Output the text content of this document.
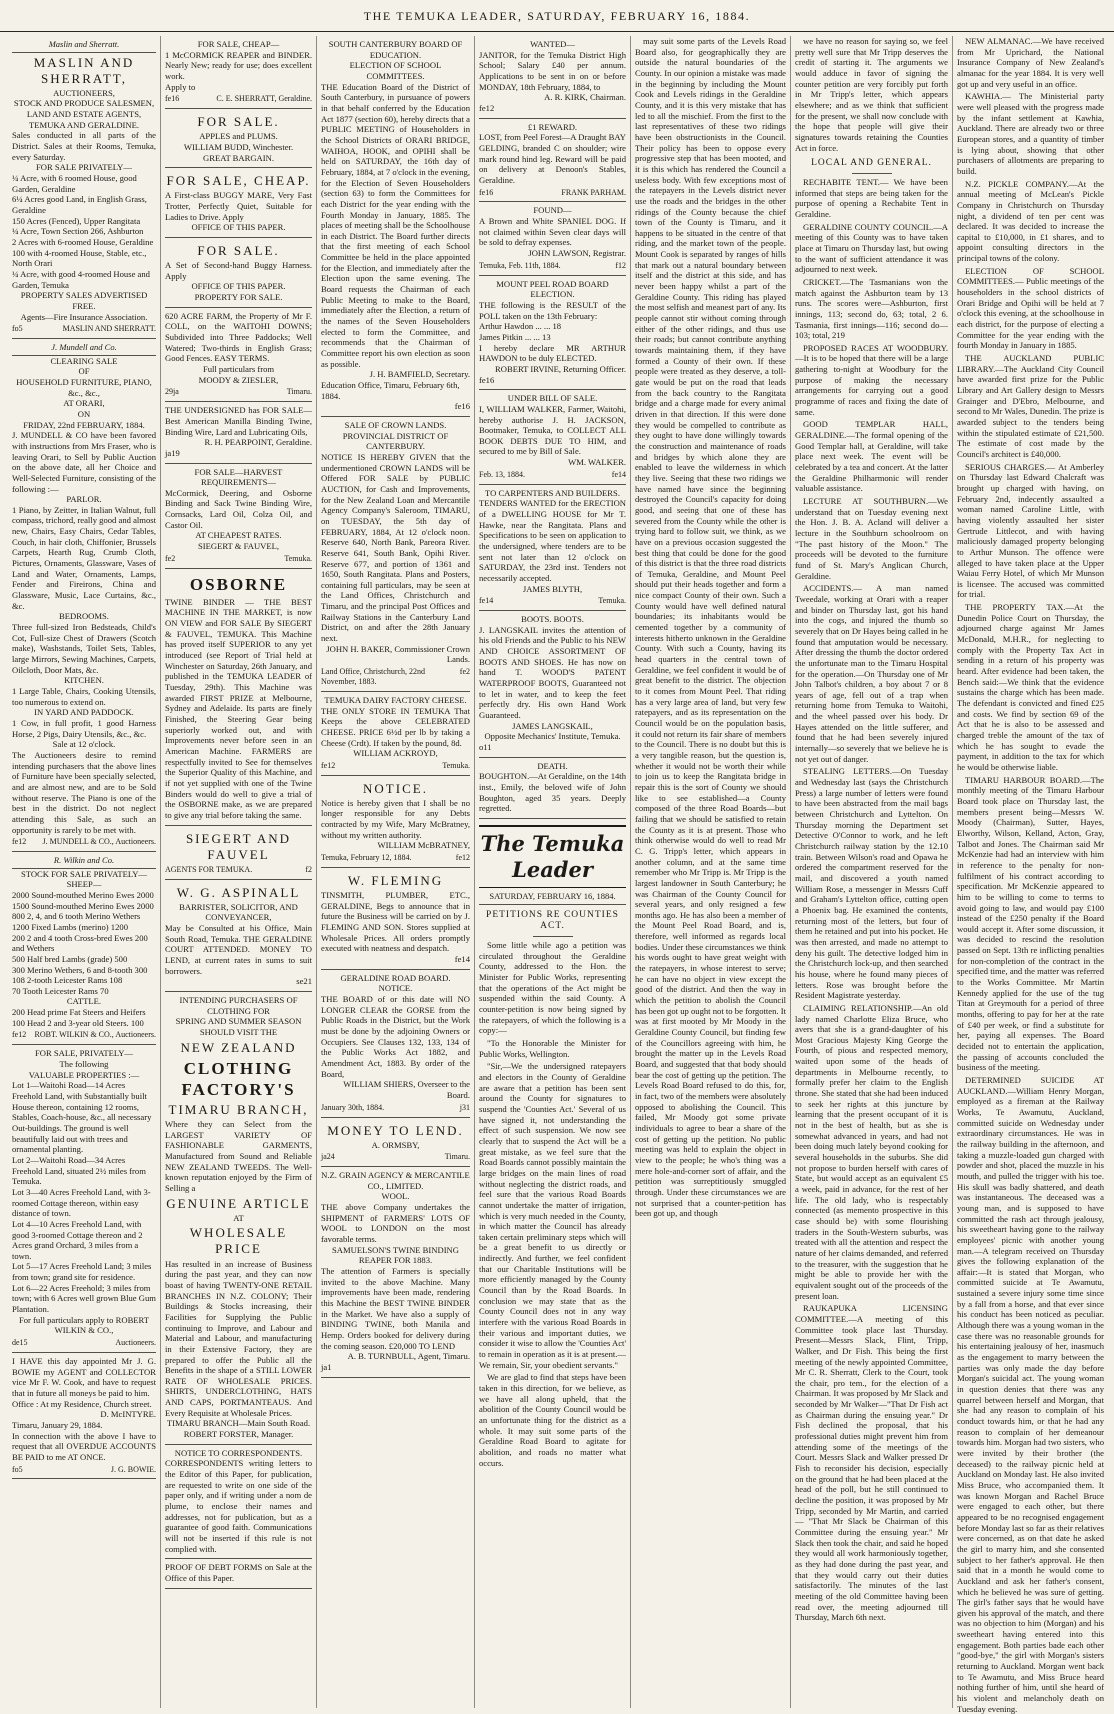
THE TEMUKA LEADER, SATURDAY, FEBRUARY 16, 1884.
Maslin and Sherratt.
MASLIN AND SHERRATT,
AUCTIONEERS,
STOCK AND PRODUCE SALESMEN, LAND AND ESTATE AGENTS,
TEMUKA AND GERALDINE.
Sales conducted in all parts of the District. Sales at their Rooms, Temuka, every Saturday.
FOR SALE PRIVATELY—
¼ Acre, with 6 roomed House, good Garden, Geraldine
6¼ Acres good Land, in English Grass, Geraldine
150 Acres (Fenced), Upper Rangitata
¼ Acre, Town Section 266, Ashburton
2 Acres with 6-roomed House, Geraldine
100 with 4-roomed House, Stable, etc., North Orari
¼ Acre, with good 4-roomed House and Garden, Temuka
PROPERTY SALES ADVERTISED FREE.
Agents—Fire Insurance Association.
fo5	MASLIN AND SHERRATT.
J. Mundell and Co.
CLEARING SALE
OF
HOUSEHOLD FURNITURE, PIANO, &c., &c.,
AT ORARI,
ON
FRIDAY, 22nd FEBRUARY, 1884.
J. MUNDELL & CO have been favored with instructions from Mrs Fraser, who is leaving Orari, to Sell by Public Auction on the above date, all her Choice and Well-Selected Furniture, consisting of the following :—
PARLOR.
1 Piano, by Zeitter, in Italian Walnut, full compass, trichord, really good and almost new, Chairs, Easy Chairs, Cedar Tables, Couch, in hair cloth, Chiffonier, Brussels Carpets, Hearth Rug, Crumb Cloth, Pictures, Ornaments, Glassware, Vases of Land and Water, Ornaments, Lamps, Fender and Fireirons, China and Glassware, Music, Lace Curtains, &c., &c.
BEDROOMS.
Three full-sized Iron Bedsteads, Child's Cot, Full-size Chest of Drawers (Scotch make), Washstands, Toilet Sets, Tables, large Mirrors, Sewing Machines, Carpets, Oilcloth, Door Mats, &c.
KITCHEN.
1 Large Table, Chairs, Cooking Utensils, too numerous to extend on.
IN YARD AND PADDOCK.
1 Cow, in full profit, 1 good Harness Horse, 2 Pigs, Dairy Utensils, &c., &c.
Sale at 12 o'clock.
The Auctioneers desire to remind intending purchasers that the above lines of Furniture have been specially selected, and are almost new, and are to be Sold without reserve. The Piano is one of the best in the district. Do not neglect attending this Sale, as such an opportunity is rarely to be met with.
fe12 J. MUNDELL & CO., Auctioneers.
R. Wilkin and Co.
STOCK FOR SALE PRIVATELY—
SHEEP—
2000 Sound-mouthed Merino Ewes 2000
1500 Sound-mouthed Merino Ewes 2000
800 2, 4, and 6 tooth Merino Wethers
1200 Fixed Lambs (merino) 1200
200 2 and 4 tooth Cross-bred Ewes 200 and Wethers
500 Half bred Lambs (grade) 500
300 Merino Wethers, 6 and 8-tooth 300
108 2-tooth Leicester Rams 108
70 Tooth Leicester Rams 70
CATTLE.
200 Head prime Fat Steers and Heifers
100 Head 2 and 3-year old Steers. 100
fe12 ROBT. WILKIN & CO., Auctioneers.
FOR SALE, PRIVATELY—
The following
VALUABLE PROPERTIES :—
Lot 1—Waitohi Road—14 Acres Freehold Land, with Substantially built House thereon, containing 12 rooms, Stables, Coach-house, &c., all necessary Out-buildings. The ground is well beautifully laid out with trees and ornamental planting.
Lot 2—Waitohi Road—34 Acres Freehold Land, situated 2½ miles from Temuka.
Lot 3—40 Acres Freehold Land, with 3-roomed Cottage thereon, within easy distance of town.
Lot 4—10 Acres Freehold Land, with good 3-roomed Cottage thereon and 2 Acres grand Orchard, 3 miles from a town.
Lot 5—17 Acres Freehold Land; 3 miles from town; grand site for residence.
Lot 6—22 Acres Freehold; 3 miles from town; with 6 Acres well grown Blue Gum Plantation.
For full particulars apply to ROBERT WILKIN & CO.,
de15	Auctioneers.
I HAVE this day appointed Mr J. G. BOWIE my AGENT and COLLECTOR vice Mr F. W. Cook, and have to request that in future all moneys be paid to him.
Office : At my Residence, Church street.
D. McINTYRE.
Timaru, January 29, 1884.
In connection with the above I have to request that all OVERDUE ACCOUNTS BE PAID to me AT ONCE.
fo5	J. G. BOWIE.
FOR SALE, CHEAP—
1 McCORMICK REAPER and BINDER. Nearly New; ready for use; does excellent work.
Apply to
fe16	C. E. SHERRATT, Geraldine.
FOR SALE.
APPLES and PLUMS.
WILLIAM BUDD, Winchester.
GREAT BARGAIN.
FOR SALE, CHEAP.
A First-class BUGGY MARE, Very Fast Trotter, Perfectly Quiet, Suitable for Ladies to Drive. Apply
OFFICE OF THIS PAPER.
FOR SALE.
A Set of Second-hand Buggy Harness. Apply
OFFICE OF THIS PAPER.
PROPERTY FOR SALE.
620 ACRE FARM, the Property of Mr F. COLL, on the WAITOHI DOWNS; Subdivided into Three Paddocks; Well Watered; Two-thirds in English Grass; Good Fences. EASY TERMS.
Full particulars from
MOODY & ZIESLER,
29ja	Timaru.
THE UNDERSIGNED has FOR SALE— Best American Manilla Binding Twine, Binding Wire, Lard and Lubricating Oils,
R. H. PEARPOINT, Geraldine.
ja19
FOR SALE—HARVEST REQUIREMENTS—
McCormick, Deering, and Osborne Binding and Sack Twine Binding Wire, Cornsacks, Lard Oil, Colza Oil, and Castor Oil.
AT CHEAPEST RATES.
SIEGERT & FAUVEL,
fe2	Temuka.
OSBORNE
TWINE BINDER — THE BEST MACHINE IN THE MARKET, is now ON VIEW and FOR SALE By SIEGERT & FAUVEL, TEMUKA. This Machine has proved itself SUPERIOR to any yet introduced (see Report of Trial held at Winchester on Saturday, 26th January, and published in the TEMUKA LEADER of Tuesday, 29th). This Machine was awarded FIRST PRIZE at Melbourne, Sydney and Adelaide. Its parts are finely Finished, the Steering Gear being superiorly worked out, and with Improvements never before seen in an American Machine. FARMERS are respectfully invited to See for themselves the Superior Quality of this Machine, and if not yet supplied with one of the Twine Binders would do well to give a trial of the OSBORNE make, as we are prepared to give any trial before taking the same.
SIEGERT AND FAUVEL
AGENTS FOR TEMUKA.	f2
W. G. ASPINALL
BARRISTER, SOLICITOR, AND CONVEYANCER,
May be Consulted at his Office, Main South Road, Temuka. THE GERALDINE COURT ATTENDED. MONEY TO LEND, at current rates in sums to suit borrowers.
se21
INTENDING PURCHASERS OF CLOTHING FOR
SPRING AND SUMMER SEASON SHOULD VISIT THE
NEW ZEALAND
CLOTHING FACTORY'S
TIMARU BRANCH,
Where they can Select from the LARGEST VARIETY OF FASHIONABLE GARMENTS, Manufactured from Sound and Reliable NEW ZEALAND TWEEDS. The Well-known reputation enjoyed by the Firm of Selling a
GENUINE ARTICLE
AT
WHOLESALE PRICE
Has resulted in an increase of Business during the past year, and they can now boast of having TWENTY-ONE RETAIL BRANCHES IN N.Z. COLONY; Their Buildings & Stocks increasing, their Facilities for Supplying the Public continuing to Improve, and Labour and Material and Labour, and manufacturing in their Extensive Factory, they are prepared to offer the Public all the Benefits in the shape of a STILL LOWER RATE OF WHOLESALE PRICES. SHIRTS, UNDERCLOTHING, HATS AND CAPS, PORTMANTEAUS. And Every Requisite at Wholesale Prices.
TIMARU BRANCH—Main South Road. ROBERT FORSTER, Manager.
NOTICE TO CORRESPONDENTS.
CORRESPONDENTS writing letters to the Editor of this Paper, for publication, are requested to write on one side of the paper only, and if writing under a nom de plume, to enclose their names and addresses, not for publication, but as a guarantee of good faith. Communications will not be inserted if this rule is not complied with.
PROOF OF DEBT FORMS on Sale at the Office of this Paper.
SOUTH CANTERBURY BOARD OF EDUCATION.
ELECTION OF SCHOOL COMMITTEES.
THE Education Board of the District of South Canterbury, in pursuance of powers in that behalf conferred by the Education Act 1877 (section 60), hereby directs that a PUBLIC MEETING of Householders in the School Districts of ORARI BRIDGE, WAIHOA, HOOK, and OPIHI shall be held on SATURDAY, the 16th day of February, 1884, at 7 o'clock in the evening, for the Election of Seven Householders (section 63) to form the Committees for each District for the year ending with the Fourth Monday in January, 1885. The places of meeting shall be the Schoolhouse in each District. The Board further directs that the first meeting of each School Committee be held in the place appointed for the Election, and immediately after the Election upon the same evening. The Board requests the Chairman of each Public Meeting to make to the Board, immediately after the Election, a return of the names of the Seven Householders elected to form the Committee, and recommends that the Chairman of Committee report his own election as soon as possible.
J. H. BAMFIELD, Secretary.
Education Office, Timaru, February 6th, 1884.
fe16
SALE OF CROWN LANDS. PROVINCIAL DISTRICT OF CANTERBURY.
NOTICE IS HEREBY GIVEN that the undermentioned CROWN LANDS will be Offered FOR SALE by PUBLIC AUCTION, for Cash and Improvements, for the New Zealand Loan and Mercantile Agency Company's Saleroom, TIMARU, on TUESDAY, the 5th day of FEBRUARY, 1884, At 12 o'clock noon. Reserve 640, North Bank, Pareora River. Reserve 641, South Bank, Opihi River. Reserve 677, and portion of 1361 and 1650, South Rangitata. Plans and Posters, containing full particulars, may be seen at the Land Offices, Christchurch and Timaru, and the principal Post Offices and Railway Stations in the Canterbury Land District, on and after the 28th January next.
JOHN H. BAKER, Commissioner Crown Lands.
Land Office, Christchurch, 22nd November, 1883.
fe2
TEMUKA DAIRY FACTORY CHEESE.
THE ONLY STORE IN TEMUKA That Keeps the above CELEBRATED CHEESE. PRICE 6½d per lb by taking a Cheese (Crdt). If taken by the pound, 8d.
WILLIAM ACKROYD,
fe12	Temuka.
NOTICE.
Notice is hereby given that I shall be no longer responsible for any Debts contracted by my Wife, Mary McBratney, without my written authority.
WILLIAM McBRATNEY,
Temuka, February 12, 1884.	fe12
W. FLEMING
TINSMITH, PLUMBER, ETC., GERALDINE, Begs to announce that in future the Business will be carried on by J. FLEMING AND SON. Stores supplied at Wholesale Prices. All orders promptly executed with neatness and despatch.
fe14
GERALDINE ROAD BOARD.
NOTICE.
THE BOARD of or this date will NO LONGER CLEAR the GORSE from the Public Roads in the District, but the Work must be done by the adjoining Owners or Occupiers. See Clauses 132, 133, 134 of the Public Works Act 1882, and Amendment Act, 1883. By order of the Board,
WILLIAM SHIERS, Overseer to the Board.
January 30th, 1884.	j31
MONEY TO LEND.
A. ORMSBY,
ja24	Timaru.
N.Z. GRAIN AGENCY & MERCANTILE CO., LIMITED.
WOOL.
THE above Company undertakes the SHIPMENT of FARMERS' LOTS OF WOOL to LONDON on the most favorable terms.
SAMUELSON'S TWINE BINDING REAPER FOR 1883.
The attention of Farmers is specially invited to the above Machine. Many improvements have been made, rendering this Machine the BEST TWINE BINDER in the Market. We have also a supply of BINDING TWINE, both Manila and Hemp. Orders booked for delivery during the coming season. £20,000 TO LEND
A. B. TURNBULL, Agent, Timaru.
ja1
WANTED—
JANITOR, for the Temuka District High School; Salary £40 per annum. Applications to be sent in on or before MONDAY, 18th February, 1884, to
A. R. KIRK, Chairman.
fe12
£1 REWARD.
LOST, from Peel Forest—A Draught BAY GELDING, branded C on shoulder; wire mark round hind leg. Reward will be paid on delivery at Denoon's Stables, Geraldine.
fe16	FRANK PARHAM.
FOUND—
A Brown and White SPANIEL DOG. If not claimed within Seven clear days will be sold to defray expenses.
JOHN LAWSON, Registrar.
Temuka, Feb. 11th, 1884.	f12
MOUNT PEEL ROAD BOARD ELECTION.
THE following is the RESULT of the POLL taken on the 13th February:
Arthur Hawdon ... ... 18
James Pitkin ... ... 13
I hereby declare MR ARTHUR HAWDON to be duly ELECTED.
ROBERT IRVINE, Returning Officer.
fe16
UNDER BILL OF SALE.
I, WILLIAM WALKER, Farmer, Waitohi, hereby authorise J. H. JACKSON, Bootmaker, Temuka, to COLLECT ALL BOOK DEBTS DUE TO HIM, and secured to me by Bill of Sale.
WM. WALKER.
Feb. 13, 1884.	fe14
TO CARPENTERS AND BUILDERS.
TENDERS WANTED for the ERECTION of a DWELLING HOUSE for Mr T. Hawke, near the Rangitata. Plans and Specifications to be seen on application to the undersigned, where tenders are to be sent not later than 12 o'clock on SATURDAY, the 23rd inst. Tenders not necessarily accepted.
JAMES BLYTH,
fe14	Temuka.
BOOTS. BOOTS.
J. LANGSKAIL invites the attention of his old Friends and the Public to his NEW AND CHOICE ASSORTMENT OF BOOTS AND SHOES. He has now on hand T. WOOD'S PATENT WATERPROOF BOOTS, Guaranteed not to let in water, and to keep the feet perfectly dry. His own Hand Work Guaranteed.
JAMES LANGSKAIL,
Opposite Mechanics' Institute, Temuka.
o11
DEATH.
BOUGHTON.—At Geraldine, on the 14th inst., Emily, the beloved wife of John Boughton, aged 35 years. Deeply regretted.
The Temuka Leader
SATURDAY, FEBRUARY 16, 1884.
PETITIONS RE COUNTIES ACT.

Some little while ago a petition was circulated throughout the Geraldine County, addressed to the Hon. the Minister for Public Works, representing that the operations of the Act might be suspended within the said County. A counter-petition is now being signed by the ratepayers, of which the following is a copy:—

"To the Honorable the Minister for Public Works, Wellington.

"Sir,—We the undersigned ratepayers and electors in the County of Geraldine are aware that a petition has been sent around the County for signatures to suspend the 'Counties Act.' Several of us have signed it, not understanding the effect of such suspension. We now see clearly that to suspend the Act will be a great mistake, as we feel sure that the Road Boards cannot possibly maintain the large bridges on the main lines of road without neglecting the district roads, and feel sure that the various Road Boards cannot undertake the matter of irrigation, which is very much needed in the County, in which matter the Council has already taken certain preliminary steps which will be a great benefit to us directly or indirectly. And further, we feel confident that our Charitable Institutions will be more efficiently managed by the County Council than by the Road Boards. In conclusion we may state that as the County Council does not in any way interfere with the various Road Boards in their various and important duties, we consider it wise to allow the 'Counties Act' to remain in operation as it is at present.—We remain, Sir, your obedient servants."

We are glad to find that steps have been taken in this direction, for we believe, as we have all along upheld, that the abolition of the County Council would be an unfortunate thing for the district as a whole. It may suit some parts of the Geraldine Road Board to agitate for abolition, and roads no matter what occurs.

may suit some parts of the Levels Road Board also, for geographically they are outside the natural boundaries of the County. In our opinion a mistake was made in the beginning by including the Mount Cook and Levels ridings in the Geraldine County, and it is this very mistake that has led to all the mischief. From the first to the last representatives of these two ridings have been obstructionists in the Council. Their policy has been to oppose every progressive step that has been mooted, and it is this which has rendered the Council a useless body. With few exceptions most of the ratepayers in the Levels district never use the roads and the bridges in the other ridings of the County because the chief town of the County is Timaru, and it happens to be situated in the centre of that riding, and the market town of the people. Mount Cook is separated by ranges of hills that mark out a natural boundary between itself and the district at this side, and has never been happy whilst a part of the Geraldine County. This riding has played the most selfish and meanest part of any. Its people cannot stir without coming through either of the other ridings, and thus use their roads; but cannot contribute anything towards maintaining them, if they have formed a County of their own. If these people were treated as they deserve, a toll-gate would be put on the road that leads from the back country to the Rangitata bridge and a charge made for every animal driven in that direction. If this were done they would be compelled to contribute as they ought to have done willingly towards the construction and maintenance of roads and bridges by which alone they are enabled to leave the wilderness in which they live. Seeing that these two ridings we have named have since the beginning destroyed the Council's capacity for doing good, and seeing that one of these has severed from the County while the other is trying hard to follow suit, we think, as we have on a previous occasion suggested the best thing that could be done for the good of this district is that the three road districts of Temuka, Geraldine, and Mount Peel should put their heads together and form a nice compact County of their own. Such a County would have well defined natural boundaries; its inhabitants would be cemented together by a community of interests hitherto unknown in the Geraldine County. With such a County, having its head quarters in the central town of Geraldine, we feel confident it would be of great benefit to the district. The objection to it comes from Mount Peel. That riding has a very large area of land, but very few ratepayers, and as its representation on the Council would be on the population basis, it could not return its fair share of members to the Council. There is no doubt but this is a very tangible reason, but the question is, whether it would not be worth their while to join us to keep the Rangitata bridge in repair this is the sort of County we should like to see established—a County composed of the three Road Boards—but failing that we should be satisfied to retain the County as it is at present. Those who think otherwise would do well to read Mr C. G. Tripp's letter, which appears in another column, and at the same time remember who Mr Tripp is. Mr Tripp is the largest landowner in South Canterbury; he was Chairman of the County Council for several years, and only resigned a few months ago. He has also been a member of the Mount Peel Road Board, and is, therefore, well informed as regards local bodies. Under these circumstances we think his words ought to have great weight with the ratepayers, in whose interest to serve; he can have no object in view except the good of the district. And then the way in which the petition to abolish the Council has been got up ought not to be forgotten. It was at first mooted by Mr Moody in the Geraldine County Council, but finding few of the Councillors agreeing with him, he brought the matter up in the Levels Road Board, and suggested that that body should bear the cost of getting up the petition. The Levels Road Board refused to do this, for, in fact, two of the members were absolutely opposed to abolishing the Council. This failed, Mr Moody got some private individuals to agree to bear a share of the cost of getting up the petition. No public meeting was held to explain the object in view to the people; he who's thing was a mere hole-and-corner sort of affair, and the petition was surreptitiously smuggled through. Under these circumstances we are not surprised that a counter-petition has been got up, and though

we have no reason for saying so, we feel pretty well sure that Mr Tripp deserves the credit of starting it. The arguments we would adduce in favor of signing the counter petition are very forcibly put forth in Mr Tripp's letter, which appears elsewhere; and as we think that sufficient for the present, we shall now conclude with the hope that people will give their signatures towards retaining the Counties Act in force.

LOCAL AND GENERAL.

RECHABITE TENT.— We have been informed that steps are being taken for the purpose of opening a Rechabite Tent in Geraldine.

GERALDINE COUNTY COUNCIL.—A meeting of this County was to have taken place at Timaru on Thursday last, but owing to the want of sufficient attendance it was adjourned to next week.

CRICKET.—The Tasmanians won the match against the Ashburton team by 13 runs. The scores were—Ashburton, first innings, 113; second do, 63; total, 2 6. Tasmania, first innings—116; second do—103; total, 219

PROPOSED RACES AT WOODBURY.—It is to be hoped that there will be a large gathering to-night at Woodbury for the purpose of making the necessary arrangements for carrying out a good programme of races and fixing the date of same.

GOOD TEMPLAR HALL, GERALDINE.—The formal opening of the Good Templar hall, at Geraldine, will take place next week. The event will be celebrated by a tea and concert. At the latter the Geraldine Philharmonic will render valuable assistance.

LECTURE AT SOUTHBURN.—We understand that on Tuesday evening next the Hon. J. B. A. Acland will deliver a lecture in the Southburn schoolroom on "The past history of the Moon." The proceeds will be devoted to the furniture fund of St. Mary's Anglican Church, Geraldine.

ACCIDENTS.— A man named Tweedale, working at Orari with a reaper and binder on Thursday last, got his hand into the cogs, and injured the thumb so severely that on Dr Hayes being called in he found that amputation would be necessary. After dressing the thumb the doctor ordered the unfortunate man to the Timaru Hospital for the operation.—On Thursday one of Mr John Talbot's children, a boy about 7 or 8 years of age, fell out of a trap when returning home from Temuka to Waitohi, and the wheel passed over his body. Dr Hayes attended on the little sufferer, and found that he had been severely injured internally—so severely that we believe he is not yet out of danger.

STEALING LETTERS.—On Tuesday and Wednesday last (says the Christchurch Press) a large number of letters were found to have been abstracted from the mail bags between Christchurch and Lyttelton. On Thursday morning the Department set Detective O'Connor to work, and he left Christchurch railway station by the 12.10 train. Between Wilson's road and Opawa he ordered the compartment reserved for the mail, and discovered a youth named William Rose, a messenger in Messrs Cuff and Graham's Lyttelton office, cutting open a Phoenix bag. He examined the contents, returning most of the letters, but four of them he retained and put into his pocket. He was then arrested, and made no attempt to deny his guilt. The detective lodged him in the Christchurch lock-up, and then searched his house, where he found many pieces of letters. Rose was brought before the Resident Magistrate yesterday.

CLAIMING RELATIONSHIP.—An old lady named Charlotte Eliza Bruce, who avers that she is a grand-daughter of his Most Gracious Majesty King George the Fourth, of pious and respected memory, waited upon some of the heads of departments in Melbourne recently, to formally prefer her claim to the English throne. She stated that she had been induced to seek her rights at this juncture by learning that the present occupant of it is not in the best of health, but as she is somewhat advanced in years, and had not been doing much lately beyond cooking for several households in the suburbs. She did not propose to burden herself with cares of State, but would accept as an equivalent £5 a week, paid in advance, for the rest of her life. The old lady, who is respectably connected (as memento prospective in this case should be) with some flourishing traders in the South-Western suburbs, was treated with all the attention and respect the nature of her claims demanded, and referred to the treasurer, with the suggestion that he might be able to provide her with the equivalent sought out of the proceeds of the present loan.

RAUKAPUKA LICENSING COMMITTEE.—A meeting of this Committee took place last Thursday. Present—Messrs Slack, Flint, Tripp, Walker, and Dr Fish. This being the first meeting of the newly appointed Committee, Mr C. R. Sherratt, Clerk to the Court, took the chair, pro tem., for the election of a Chairman. It was proposed by Mr Slack and seconded by Mr Walker—"That Dr Fish act as Chairman during the ensuing year." Dr Fish declined the proposal, that his professional duties might prevent him from attending some of the meetings of the Court. Messrs Slack and Walker pressed Dr Fish to reconsider his decision, especially on the ground that he had been placed at the head of the poll, but he still continued to decline the position, it was proposed by Mr Tripp, seconded by Mr Martin, and carried — "That Mr Slack be Chairman of this Committee during the ensuing year." Mr Slack then took the chair, and said he hoped they would all work harmoniously together, as they had done during the past year, and that they would carry out their duties satisfactorily. The minutes of the last meeting of the old Committee having been read over, the meeting adjourned till Thursday, March 6th next.

NEW ALMANAC.—We have received from Mr Uprichard, the National Insurance Company of New Zealand's almanac for the year 1884. It is very well got up and very useful in an office.

KAWHIA.— The Ministerial party were well pleased with the progress made by the infant settlement at Kawhia, Auckland. There are already two or three European stores, and a quantity of timber is lying about, showing that other purchasers of allotments are preparing to build.

N.Z. PICKLE COMPANY.—At the annual meeting of McLean's Pickle Company in Christchurch on Thursday night, a dividend of ten per cent was declared. It was decided to increase the capital to £10,000, in £1 shares, and to appoint consulting directors in the principal towns of the colony.

ELECTION OF SCHOOL COMMITTEES.— Public meetings of the householders in the school districts of Orari Bridge and Opihi will be held at 7 o'clock this evening, at the schoolhouse in each district, for the purpose of electing a Committee for the year ending with the fourth Monday in January in 1885.

THE AUCKLAND PUBLIC LIBRARY.—The Auckland City Council have awarded first prize for the Public Library and Art Gallery design to Messrs Grainger and D'Ebro, Melbourne, and second to Mr Wales, Dunedin. The prize is awarded subject to the tenders being within the stipulated estimate of £21,500. The estimate of cost made by the Council's architect is £40,000.

SERIOUS CHARGES.— At Amberley on Thursday last Edward Chalcraft was brought up charged with having, on February 2nd, indecently assaulted a woman named Caroline Little, with having violently assaulted her sister Gertrude Littlecot, and with having maliciously damaged property belonging to Arthur Munson. The offence were alleged to have taken place at the Upper Waiau Ferry Hotel, of which Mr Munson is licensee. The accused was committed for trial.

THE PROPERTY TAX.—At the Dunedin Police Court on Thursday, the adjourned charge against Mr James McDonald, M.H.R., for neglecting to comply with the Property Tax Act in sending in a return of his property was heard. After evidence had been taken, the Bench said:—We think that the evidence sustains the charge which has been made. The defendant is convicted and fined £25 and costs. We find by section 69 of the Act that he is also to be assessed and charged treble the amount of the tax of which he has sought to evade the payment, in addition to the tax for which he would be otherwise liable.

TIMARU HARBOUR BOARD.—The monthly meeting of the Timaru Harbour Board took place on Thursday last, the members present being—Messrs W. Moody (Chairman), Sutter, Hayes, Elworthy, Wilson, Kelland, Acton, Gray, Talbot and Jones. The Chairman said Mr McKenzie had had an interview with him in reference to the penalty for non-fulfilment of his contract according to specification. Mr McKenzie appeared to him to be willing to come to terms to avoid going to law, and would pay £100 instead of the £250 penalty if the Board would accept it. After some discussion, it was decided to rescind the resolution passed on Sept. 13th re inflicting penalties for non-completion of the contract in the specified time, and the matter was referred to the Works Committee. Mr Martin Kennedy applied for the use of the tug Titan at Greymouth for a period of three months, offering to pay for her at the rate of £40 per week, or find a substitute for her, paying all expenses. The Board decided not to entertain the application, the passing of accounts concluded the business of the meeting.

DETERMINED SUICIDE AT AUCKLAND.—William Henry Morgan, employed as a fireman at the Railway Works, Te Awamutu, Auckland, committed suicide on Wednesday under extraordinary circumstances. He was in the railway building in the afternoon, and taking a muzzle-loaded gun charged with powder and shot, placed the muzzle in his mouth, and pulled the trigger with his toe. His skull was badly shattered, and death was instantaneous. The deceased was a young man, and is supposed to have committed the rash act through jealousy, his sweetheart having gone to the railway employees' picnic with another young man.—A telegram received on Thursday gives the following explanation of the affair:—It is stated that Morgan, who committed suicide at Te Awamutu, sustained a severe injury some time since by a fall from a horse, and that ever since his conduct has been noticed as peculiar. Although there was a young woman in the case there was no reasonable grounds for his entertaining jealousy of her, inasmuch as the engagement to marry between the parties was only made the day before Morgan's suicidal act. The young woman in question denies that there was any quarrel between herself and Morgan, that she had any reason to complain of his conduct towards him, or that he had any reason to complain of her demeanour towards him. Morgan had two sisters, who were invited by their brother (the deceased) to the railway picnic held at Auckland on Monday last. He also invited Miss Bruce, who accompanied them. It was known Morgan and Rachel Bruce were engaged to each other, but there appeared to be no recognised engagement before Monday last so far as their relatives were concerned, as on that date he asked the girl to marry him, and she consented subject to her father's approval. He then said that in a month he would come to Auckland and ask her father's consent, which he believed he was sure of getting. The girl's father says that he would have given his approval of the match, and there was no objection to him (Morgan) and his sweetheart having entered into this engagement. Both parties bade each other "good-bye," the girl with Morgan's sisters returning to Auckland. Morgan went back to Te Awamutu, and Miss Bruce heard nothing further of him, until she heard of his violent and melancholy death on Tuesday evening.
